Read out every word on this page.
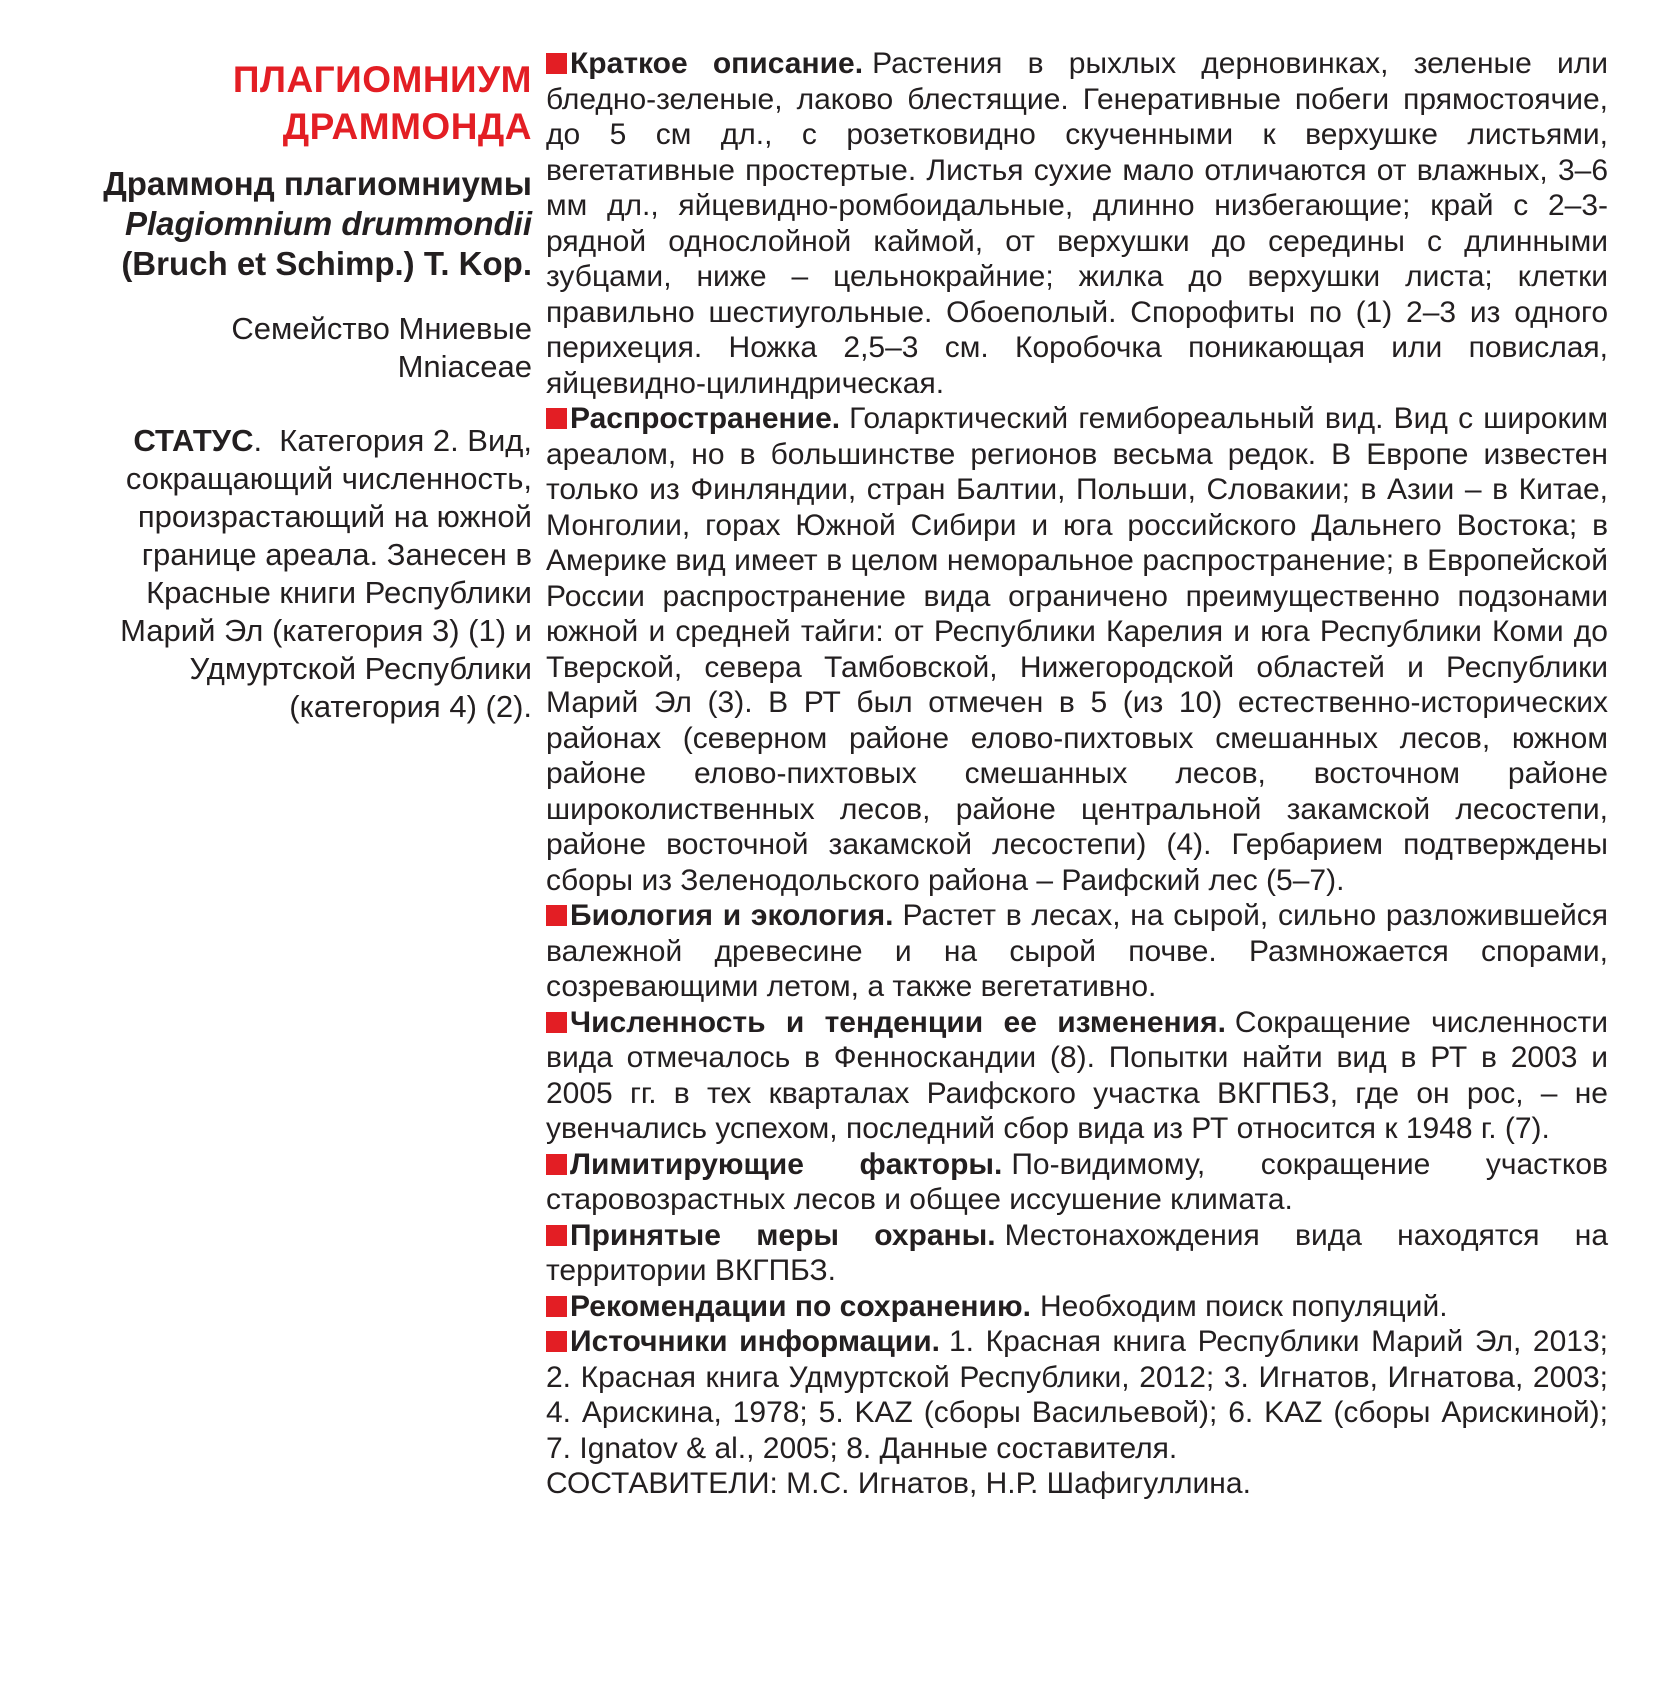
ПЛАГИОМНИУМ
ДРАММОНДА

Драммонд плагиомниумы

Plagiomnium drummondii

(Bruch et Schimp.) T. Kop.

Семейство Мниевые
Mniaceae

СТАТУС.  Категория 2. Вид, сокращающий численность, произрастающий на южной границе ареала. Занесен в Красные книги Республики Марий Эл (категория 3) (1) и Удмуртской Республики (категория 4) (2).

Краткое описание. Растения в рыхлых дерновинках, зеленые или бледно-зеленые, лаково блестящие. Генеративные побеги прямостоячие, до 5 см дл., с розетковидно скученными к верхушке листьями, вегетативные простертые. Листья сухие мало отличаются от влажных, 3–6 мм дл., яйцевидно-ромбоидальные, длинно низбегающие; край с 2–3-рядной однослойной каймой, от верхушки до середины с длинными зубцами, ниже – цельнокрайние; жилка до верхушки листа; клетки правильно шестиугольные. Обоеполый. Спорофиты по (1) 2–3 из одного перихеция. Ножка 2,5–3 см. Коробочка поникающая или повислая, яйцевидно-цилиндрическая.

Распространение. Голарктический гемибореальный вид. Вид с широким ареалом, но в большинстве регионов весьма редок. В Европе известен только из Финляндии, стран Балтии, Польши, Словакии; в Азии – в Китае, Монголии, горах Южной Сибири и юга российского Дальнего Востока; в Америке вид имеет в целом неморальное распространение; в Европейской России распространение вида ограничено преимущественно подзонами южной и средней тайги: от Республики Карелия и юга Республики Коми до Тверской, севера Тамбовской, Нижегородской областей и Республики Марий Эл (3). В РТ был отмечен в 5 (из 10) естественно-исторических районах (северном районе елово-пихтовых смешанных лесов, южном районе елово-пихтовых смешанных лесов, восточном районе широколиственных лесов, районе центральной закамской лесостепи, районе восточной закамской лесостепи) (4). Гербарием подтверждены сборы из Зеленодольского района – Раифский лес (5–7).

Биология и экология. Растет в лесах, на сырой, сильно разложившейся валежной древесине и на сырой почве. Размножается спорами, созревающими летом, а также вегетативно.

Численность и тенденции ее изменения. Сокращение численности вида отмечалось в Фенноскандии (8). Попытки найти вид в РТ в 2003 и 2005 гг. в тех кварталах Раифского участка ВКГПБЗ, где он рос, – не увенчались успехом, последний сбор вида из РТ относится к 1948 г. (7).

Лимитирующие факторы. По-видимому, сокращение участков старовозрастных лесов и общее иссушение климата.

Принятые меры охраны. Местонахождения вида находятся на территории ВКГПБЗ.

Рекомендации по сохранению. Необходим поиск популяций.

Источники информации. 1. Красная книга Республики Марий Эл, 2013; 2. Красная книга Удмуртской Республики, 2012; 3. Игнатов, Игнатова, 2003; 4. Арискина, 1978; 5. KAZ (сборы Васильевой); 6. KAZ (сборы Арискиной); 7. Ignatov & al., 2005; 8. Данные составителя.

СОСТАВИТЕЛИ: М.С. Игнатов, Н.Р. Шафигуллина.
